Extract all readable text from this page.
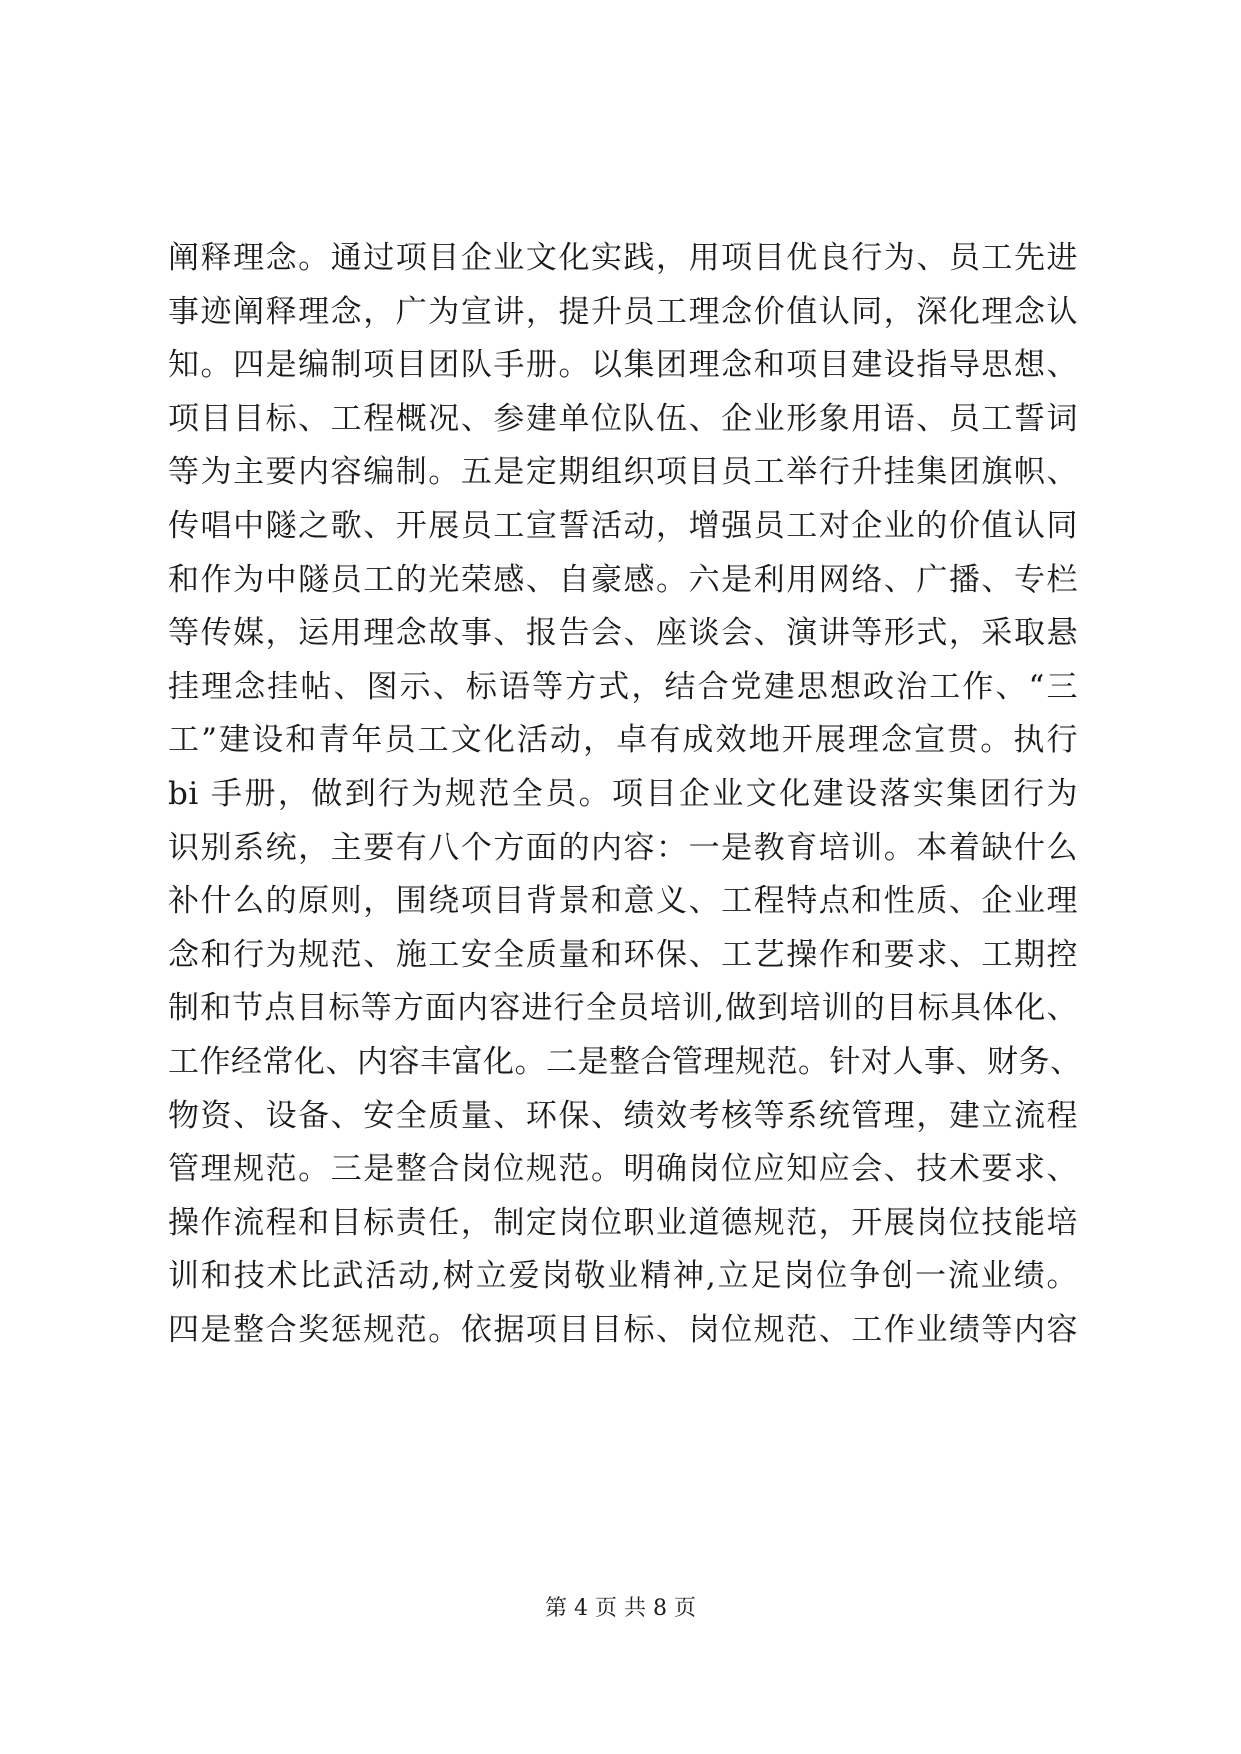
阐释理念。通过项目企业文化实践，用项目优良行为、员工先进
事迹阐释理念，广为宣讲，提升员工理念价值认同，深化理念认
知。四是编制项目团队手册。以集团理念和项目建设指导思想、
项目目标、工程概况、参建单位队伍、企业形象用语、员工誓词
等为主要内容编制。五是定期组织项目员工举行升挂集团旗帜、
传唱中隧之歌、开展员工宣誓活动，增强员工对企业的价值认同
和作为中隧员工的光荣感、自豪感。六是利用网络、广播、专栏
等传媒，运用理念故事、报告会、座谈会、演讲等形式，采取悬
挂理念挂帖、图示、标语等方式，结合党建思想政治工作、“三
工”建设和青年员工文化活动，卓有成效地开展理念宣贯。执行
bi 手册，做到行为规范全员。项目企业文化建设落实集团行为
识别系统，主要有八个方面的内容：一是教育培训。本着缺什么
补什么的原则，围绕项目背景和意义、工程特点和性质、企业理
念和行为规范、施工安全质量和环保、工艺操作和要求、工期控
制和节点目标等方面内容进行全员培训,做到培训的目标具体化、
工作经常化、内容丰富化。二是整合管理规范。针对人事、财务、
物资、设备、安全质量、环保、绩效考核等系统管理，建立流程
管理规范。三是整合岗位规范。明确岗位应知应会、技术要求、
操作流程和目标责任，制定岗位职业道德规范，开展岗位技能培
训和技术比武活动,树立爱岗敬业精神,立足岗位争创一流业绩。
四是整合奖惩规范。依据项目目标、岗位规范、工作业绩等内容
第 4 页 共 8 页
